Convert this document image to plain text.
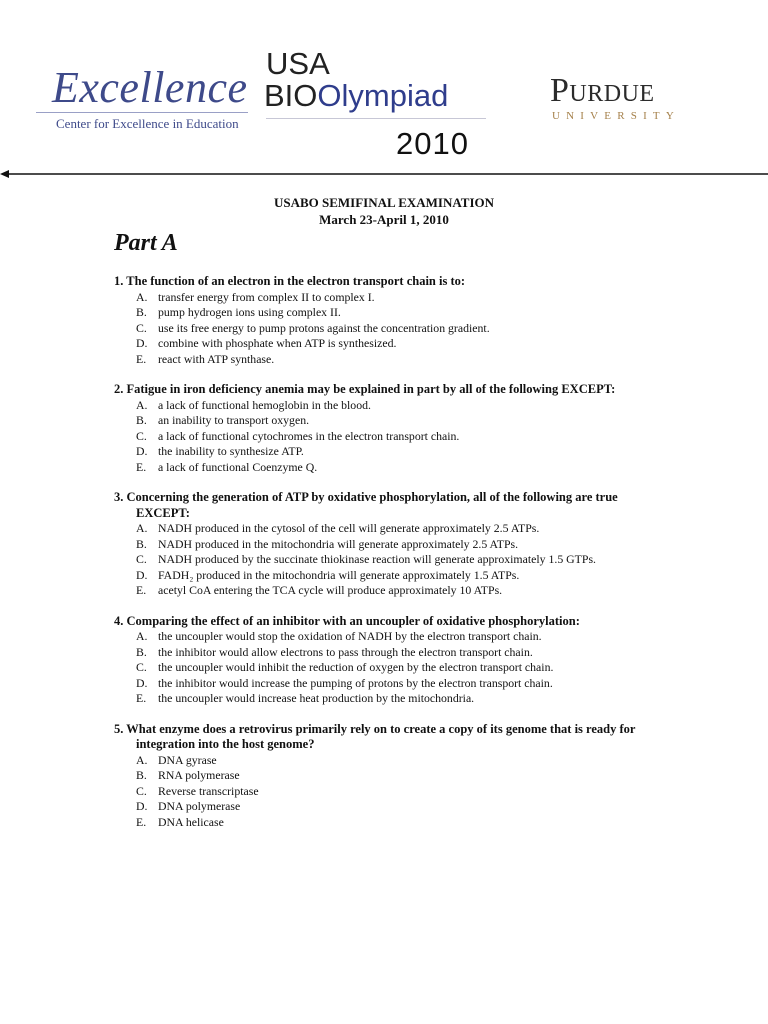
Excellence
Center for Excellence in Education
USA
BIOOlympiad
2010
Purdue
UNIVERSITY
USABO SEMIFINAL EXAMINATION
March 23-April 1, 2010
Part A
1. The function of an electron in the electron transport chain is to:
A. transfer energy from complex II to complex I.
B. pump hydrogen ions using complex II.
C. use its free energy to pump protons against the concentration gradient.
D. combine with phosphate when ATP is synthesized.
E. react with ATP synthase.
2. Fatigue in iron deficiency anemia may be explained in part by all of the following EXCEPT:
A. a lack of functional hemoglobin in the blood.
B. an inability to transport oxygen.
C. a lack of functional cytochromes in the electron transport chain.
D. the inability to synthesize ATP.
E. a lack of functional Coenzyme Q.
3. Concerning the generation of ATP by oxidative phosphorylation, all of the following are true EXCEPT:
A. NADH produced in the cytosol of the cell will generate approximately 2.5 ATPs.
B. NADH produced in the mitochondria will generate approximately 2.5 ATPs.
C. NADH produced by the succinate thiokinase reaction will generate approximately 1.5 GTPs.
D. FADH₂ produced in the mitochondria will generate approximately 1.5 ATPs.
E. acetyl CoA entering the TCA cycle will produce approximately 10 ATPs.
4. Comparing the effect of an inhibitor with an uncoupler of oxidative phosphorylation:
A. the uncoupler would stop the oxidation of NADH by the electron transport chain.
B. the inhibitor would allow electrons to pass through the electron transport chain.
C. the uncoupler would inhibit the reduction of oxygen by the electron transport chain.
D. the inhibitor would increase the pumping of protons by the electron transport chain.
E. the uncoupler would increase heat production by the mitochondria.
5. What enzyme does a retrovirus primarily rely on to create a copy of its genome that is ready for integration into the host genome?
A. DNA gyrase
B. RNA polymerase
C. Reverse transcriptase
D. DNA polymerase
E. DNA helicase
